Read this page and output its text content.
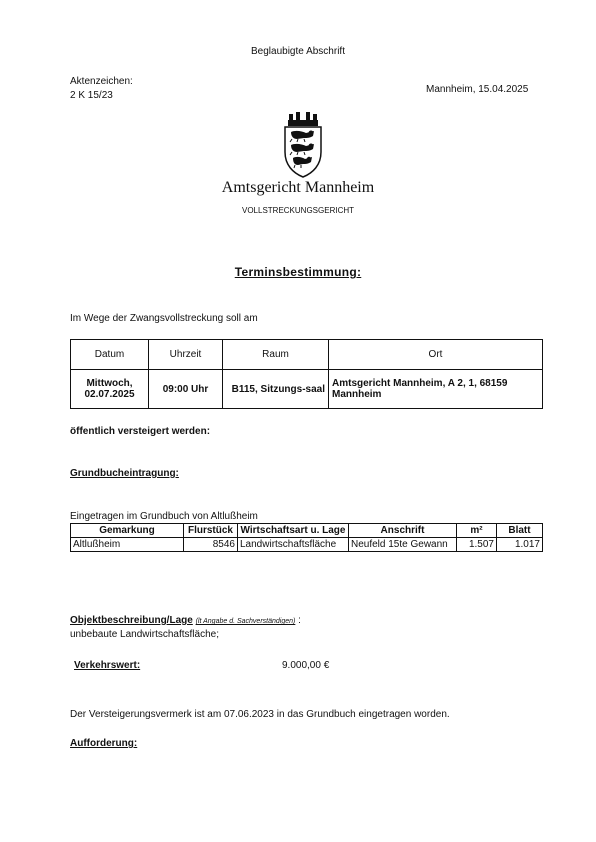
Beglaubigte Abschrift
Aktenzeichen:
2 K 15/23
Mannheim, 15.04.2025
Amtsgericht Mannheim
VOLLSTRECKUNGSGERICHT
Terminsbestimmung:
Im Wege der Zwangsvollstreckung soll am
Datum	Uhrzeit	Raum	Ort
Mittwoch, 02.07.2025	09:00 Uhr	B115, Sitzungs-saal	Amtsgericht Mannheim, A 2, 1, 68159 Mannheim
öffentlich versteigert werden:
Grundbucheintragung:
Eingetragen im Grundbuch von Altlußheim
Gemarkung	Flurstück	Wirtschaftsart u. Lage	Anschrift	m²	Blatt
Altlußheim	8546	Landwirtschaftsfläche	Neufeld 15te Gewann	1.507	1.017
Objektbeschreibung/Lage (lt Angabe d. Sachverständigen) :
unbebaute Landwirtschaftsfläche;
Verkehrswert:	9.000,00 €
Der Versteigerungsvermerk ist am 07.06.2023 in das Grundbuch eingetragen worden.
Aufforderung:
